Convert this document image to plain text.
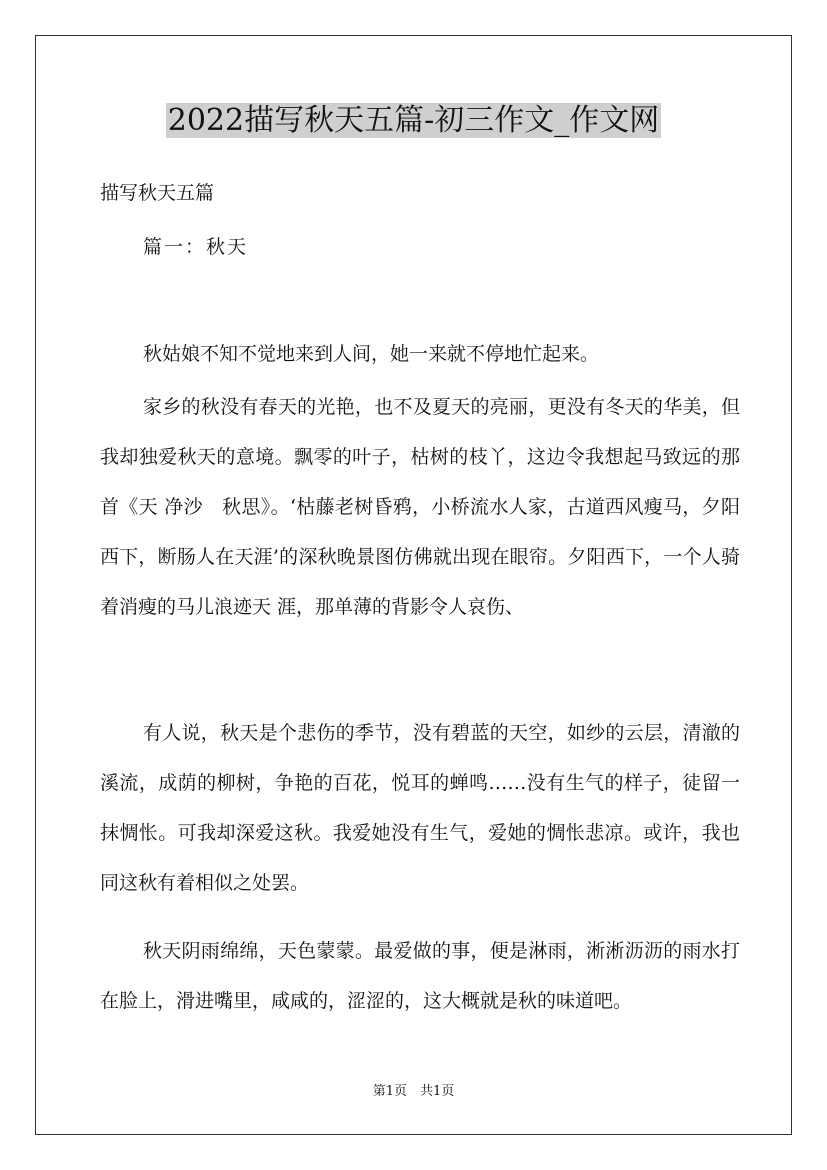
2022描写秋天五篇-初三作文_作文网

描写秋天五篇

篇一：秋天

秋姑娘不知不觉地来到人间，她一来就不停地忙起来。

家乡的秋没有春天的光艳，也不及夏天的亮丽，更没有冬天的华美，但我却独爱秋天的意境。飘零的叶子，枯树的枝丫，这边令我想起马致远的那首《天 净沙　秋思》。‘枯藤老树昏鸦，小桥流水人家，古道西风瘦马，夕阳西下，断肠人在天涯’的深秋晚景图仿佛就出现在眼帘。夕阳西下，一个人骑着消瘦的马儿浪迹天 涯，那单薄的背影令人哀伤、

有人说，秋天是个悲伤的季节，没有碧蓝的天空，如纱的云层，清澈的溪流，成荫的柳树，争艳的百花，悦耳的蝉鸣……没有生气的样子，徒留一抹惆怅。可我却深爱这秋。我爱她没有生气，爱她的惆怅悲凉。或许，我也同这秋有着相似之处罢。

秋天阴雨绵绵，天色蒙蒙。最爱做的事，便是淋雨，淅淅沥沥的雨水打在脸上，滑进嘴里，咸咸的，涩涩的，这大概就是秋的味道吧。

第1页　共1页
